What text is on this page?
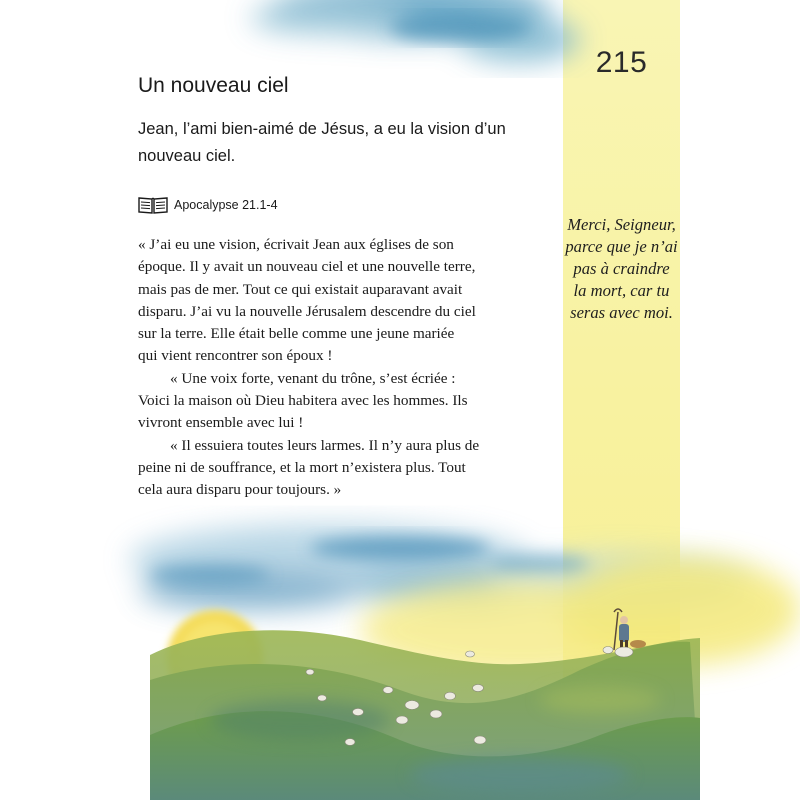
215
Un nouveau ciel

Jean, l’ami bien-aimé de Jésus, a eu la vision d’un
nouveau ciel.

Apocalypse 21.1-4
« J’ai eu une vision, écrivait Jean aux églises de son
époque. Il y avait un nouveau ciel et une nouvelle terre,
mais pas de mer. Tout ce qui existait auparavant avait
disparu. J’ai vu la nouvelle Jérusalem descendre du ciel
sur la terre. Elle était belle comme une jeune mariée
qui vient rencontrer son époux !
« Une voix forte, venant du trône, s’est écriée :
Voici la maison où Dieu habitera avec les hommes. Ils
vivront ensemble avec lui !
« Il essuiera toutes leurs larmes. Il n’y aura plus de
peine ni de souffrance, et la mort n’existera plus. Tout
cela aura disparu pour toujours. »
Merci, Seigneur,
parce que je n’ai
pas à craindre
la mort, car tu
seras avec moi.
